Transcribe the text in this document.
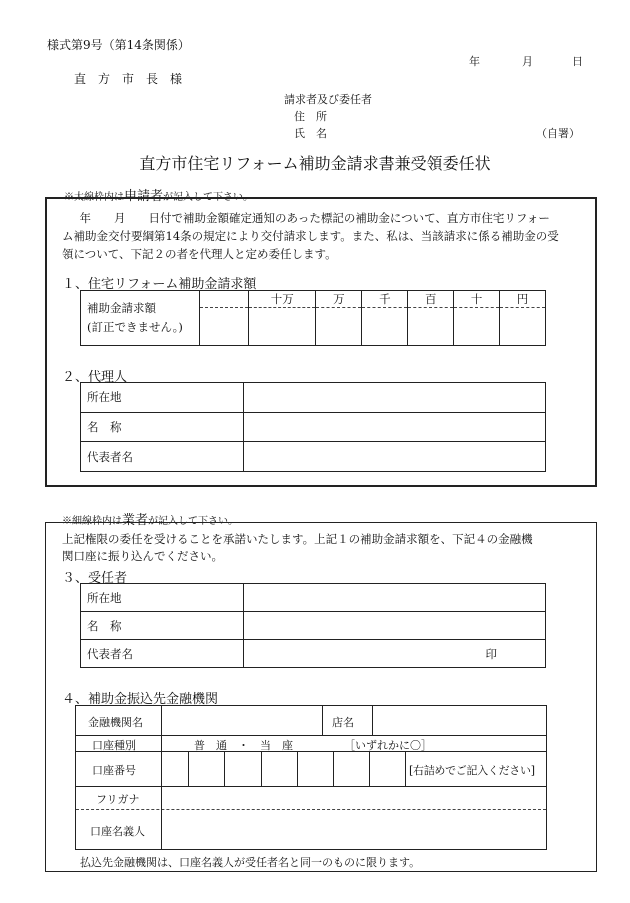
様式第9号（第14条関係）
年	月	日
直　方　市　長　様
請求者及び委任者
住　所
氏　名	（自署）
直方市住宅リフォーム補助金請求書兼受領委任状
※太線枠内は申請者が記入して下さい。
　年　　月　　日付で補助金額確定通知のあった標記の補助金について、直方市住宅リフォー
ム補助金交付要綱第14条の規定により交付請求します。また、私は、当該請求に係る補助金の受
領について、下記２の者を代理人と定め委任します。
１、住宅リフォーム補助金請求額
補助金請求額
(訂正できません。)		十万	万	千	百	十	円

２、代理人
所在地	
名　称	
代表者名	
※細線枠内は業者が記入して下さい。
上記権限の委任を受けることを承諾いたします。上記１の補助金請求額を、下記４の金融機
関口座に振り込んでください。
３、受任者
所在地	
名　称	
代表者名	印
４、補助金振込先金融機関
金融機関名	店名
口座種別	普　通　・　当　座	［いずれかに〇］
口座番号	[右詰めでご記入ください]
フリガナ
口座名義人
払込先金融機関は、口座名義人が受任者名と同一のものに限ります。
